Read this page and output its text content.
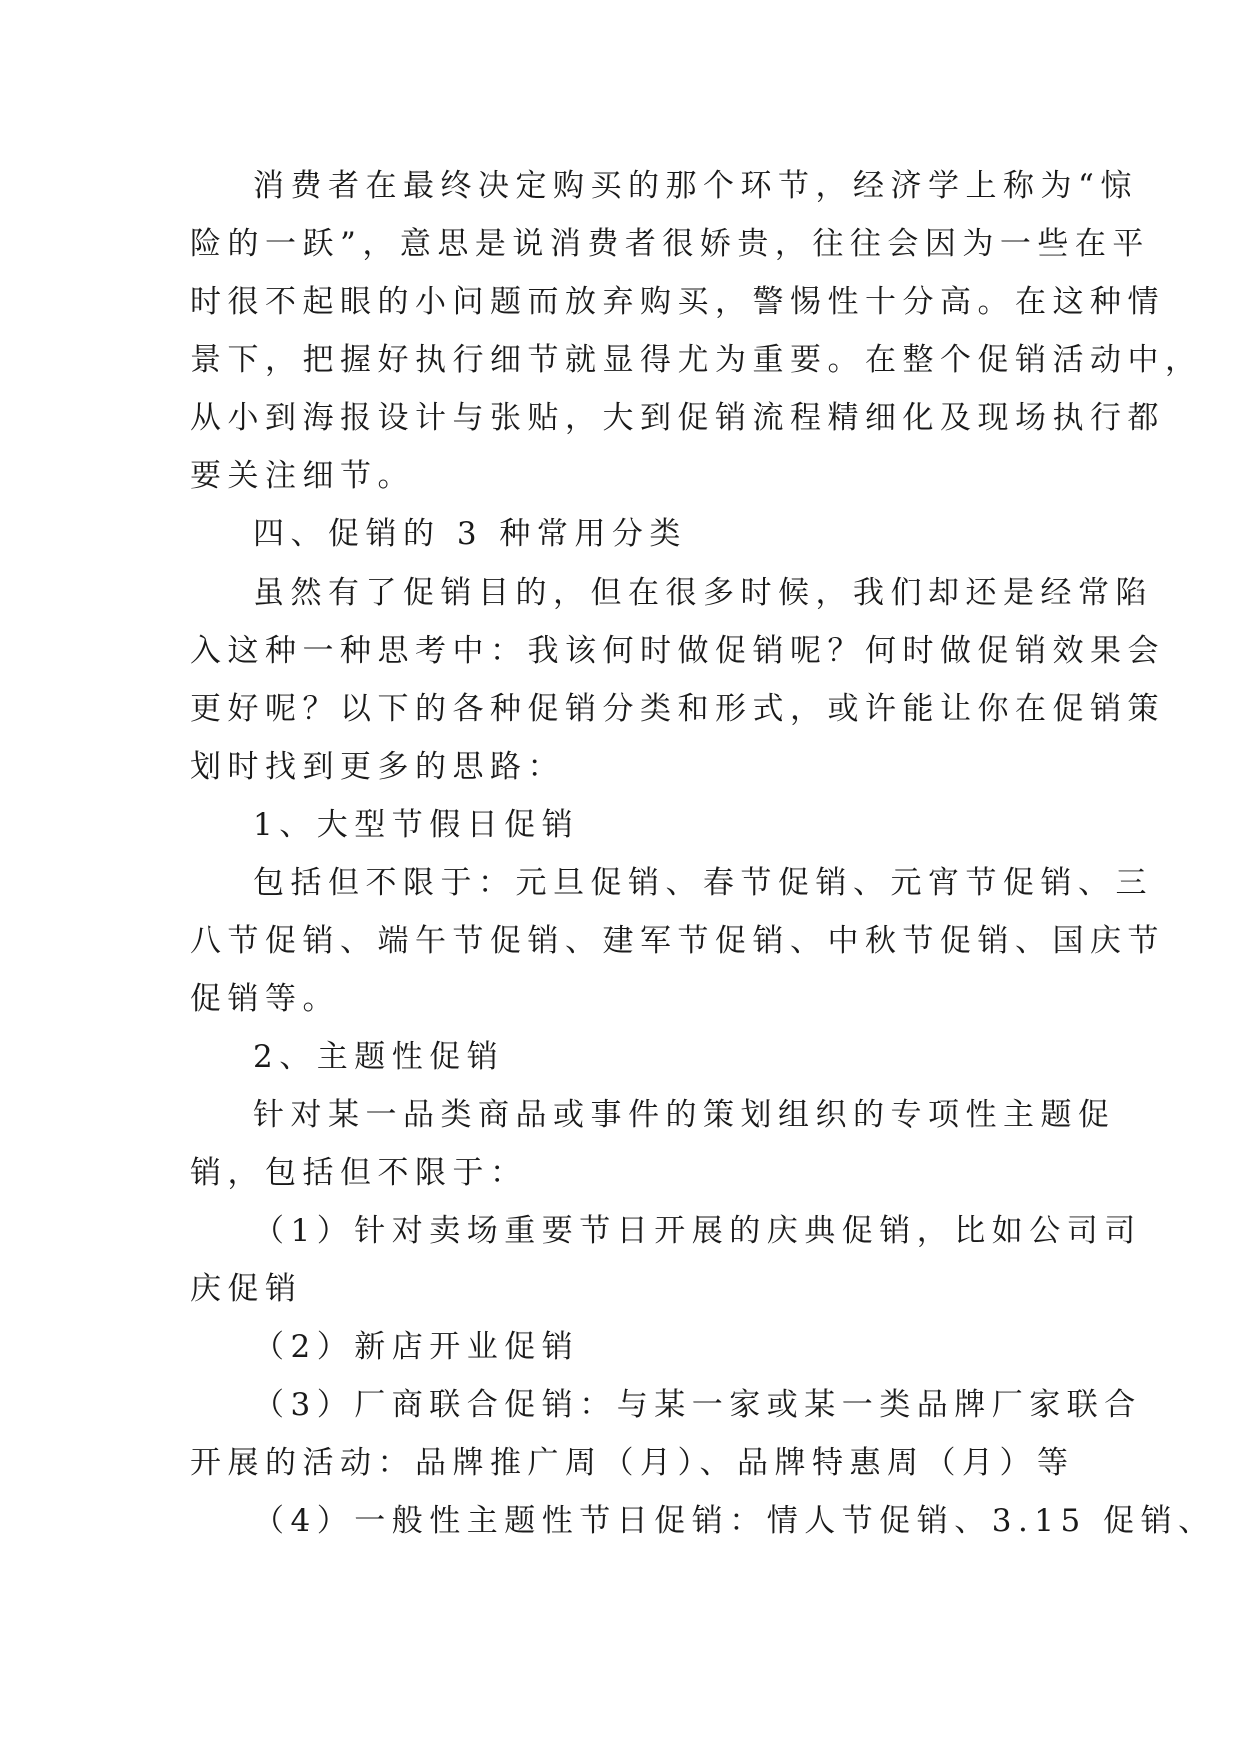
消费者在最终决定购买的那个环节，经济学上称为“惊

险的一跃”，意思是说消费者很娇贵，往往会因为一些在平

时很不起眼的小问题而放弃购买，警惕性十分高。在这种情

景下，把握好执行细节就显得尤为重要。在整个促销活动中，

从小到海报设计与张贴，大到促销流程精细化及现场执行都

要关注细节。

四、促销的 3 种常用分类

虽然有了促销目的，但在很多时候，我们却还是经常陷

入这种一种思考中：我该何时做促销呢？何时做促销效果会

更好呢？以下的各种促销分类和形式，或许能让你在促销策

划时找到更多的思路：

1、大型节假日促销

包括但不限于：元旦促销、春节促销、元宵节促销、三

八节促销、端午节促销、建军节促销、中秋节促销、国庆节

促销等。

2、主题性促销

针对某一品类商品或事件的策划组织的专项性主题促

销，包括但不限于：

（1）针对卖场重要节日开展的庆典促销，比如公司司

庆促销

（2）新店开业促销

（3）厂商联合促销：与某一家或某一类品牌厂家联合

开展的活动：品牌推广周（月）、品牌特惠周（月）等

（4）一般性主题性节日促销：情人节促销、3.15 促销、
